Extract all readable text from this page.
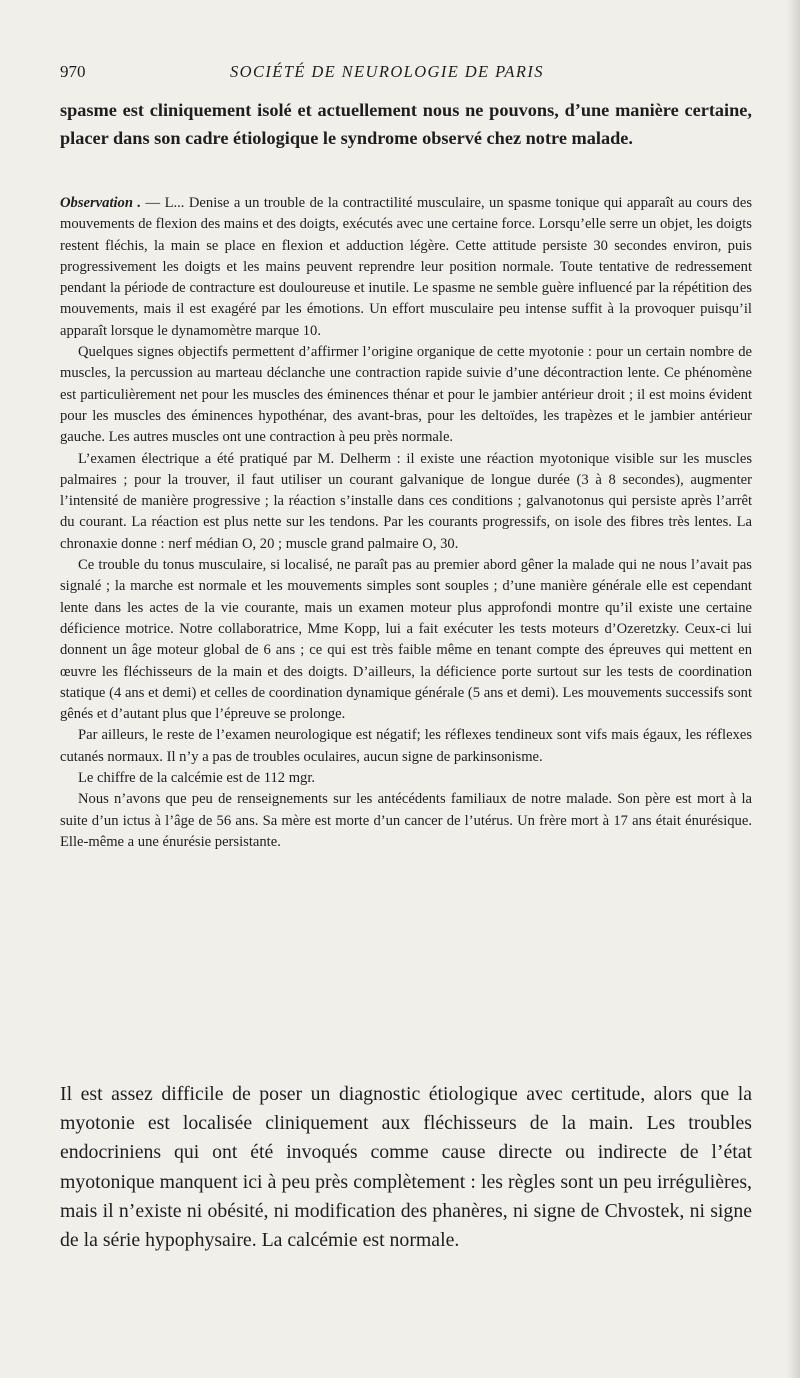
970	SOCIÉTÉ DE NEUROLOGIE DE PARIS

spasme est cliniquement isolé et actuellement nous ne pouvons, d’une manière certaine, placer dans son cadre étiologique le syndrome observé chez notre malade.

Observation . — L... Denise a un trouble de la contractilité musculaire, un spasme tonique qui apparaît au cours des mouvements de flexion des mains et des doigts, exécutés avec une certaine force. Lorsqu’elle serre un objet, les doigts restent fléchis, la main se place en flexion et adduction légère. Cette attitude persiste 30 secondes environ, puis progressivement les doigts et les mains peuvent reprendre leur position normale. Toute tentative de redressement pendant la période de contracture est douloureuse et inutile. Le spasme ne semble guère influencé par la répétition des mouvements, mais il est exagéré par les émotions. Un effort musculaire peu intense suffit à la provoquer puisqu’il apparaît lorsque le dynamomètre marque 10.

Quelques signes objectifs permettent d’affirmer l’origine organique de cette myotonie : pour un certain nombre de muscles, la percussion au marteau déclanche une contraction rapide suivie d’une décontraction lente. Ce phénomène est particulièrement net pour les muscles des éminences thénar et pour le jambier antérieur droit ; il est moins évident pour les muscles des éminences hypothénar, des avant-bras, pour les deltoïdes, les trapèzes et le jambier antérieur gauche. Les autres muscles ont une contraction à peu près normale.

L’examen électrique a été pratiqué par M. Delherm : il existe une réaction myotonique visible sur les muscles palmaires ; pour la trouver, il faut utiliser un courant galvanique de longue durée (3 à 8 secondes), augmenter l’intensité de manière progressive ; la réaction s’installe dans ces conditions ; galvanotonus qui persiste après l’arrêt du courant. La réaction est plus nette sur les tendons. Par les courants progressifs, on isole des fibres très lentes. La chronaxie donne : nerf médian O, 20 ; muscle grand palmaire O, 30.

Ce trouble du tonus musculaire, si localisé, ne paraît pas au premier abord gêner la malade qui ne nous l’avait pas signalé ; la marche est normale et les mouvements simples sont souples ; d’une manière générale elle est cependant lente dans les actes de la vie courante, mais un examen moteur plus approfondi montre qu’il existe une certaine déficience motrice. Notre collaboratrice, Mme Kopp, lui a fait exécuter les tests moteurs d’Ozeretzky. Ceux-ci lui donnent un âge moteur global de 6 ans ; ce qui est très faible même en tenant compte des épreuves qui mettent en œuvre les fléchisseurs de la main et des doigts. D’ailleurs, la déficience porte surtout sur les tests de coordination statique (4 ans et demi) et celles de coordination dynamique générale (5 ans et demi). Les mouvements successifs sont gênés et d’autant plus que l’épreuve se prolonge.

Par ailleurs, le reste de l’examen neurologique est négatif; les réflexes tendineux sont vifs mais égaux, les réflexes cutanés normaux. Il n’y a pas de troubles oculaires, aucun signe de parkinsonisme.

Le chiffre de la calcémie est de 112 mgr.

Nous n’avons que peu de renseignements sur les antécédents familiaux de notre malade. Son père est mort à la suite d’un ictus à l’âge de 56 ans. Sa mère est morte d’un cancer de l’utérus. Un frère mort à 17 ans était énurésique. Elle-même a une énurésie persistante.

Il est assez difficile de poser un diagnostic étiologique avec certitude, alors que la myotonie est localisée cliniquement aux fléchisseurs de la main. Les troubles endocriniens qui ont été invoqués comme cause directe ou indirecte de l’état myotonique manquent ici à peu près complètement : les règles sont un peu irrégulières, mais il n’existe ni obésité, ni modification des phanères, ni signe de Chvostek, ni signe de la série hypophysaire. La calcémie est normale.
